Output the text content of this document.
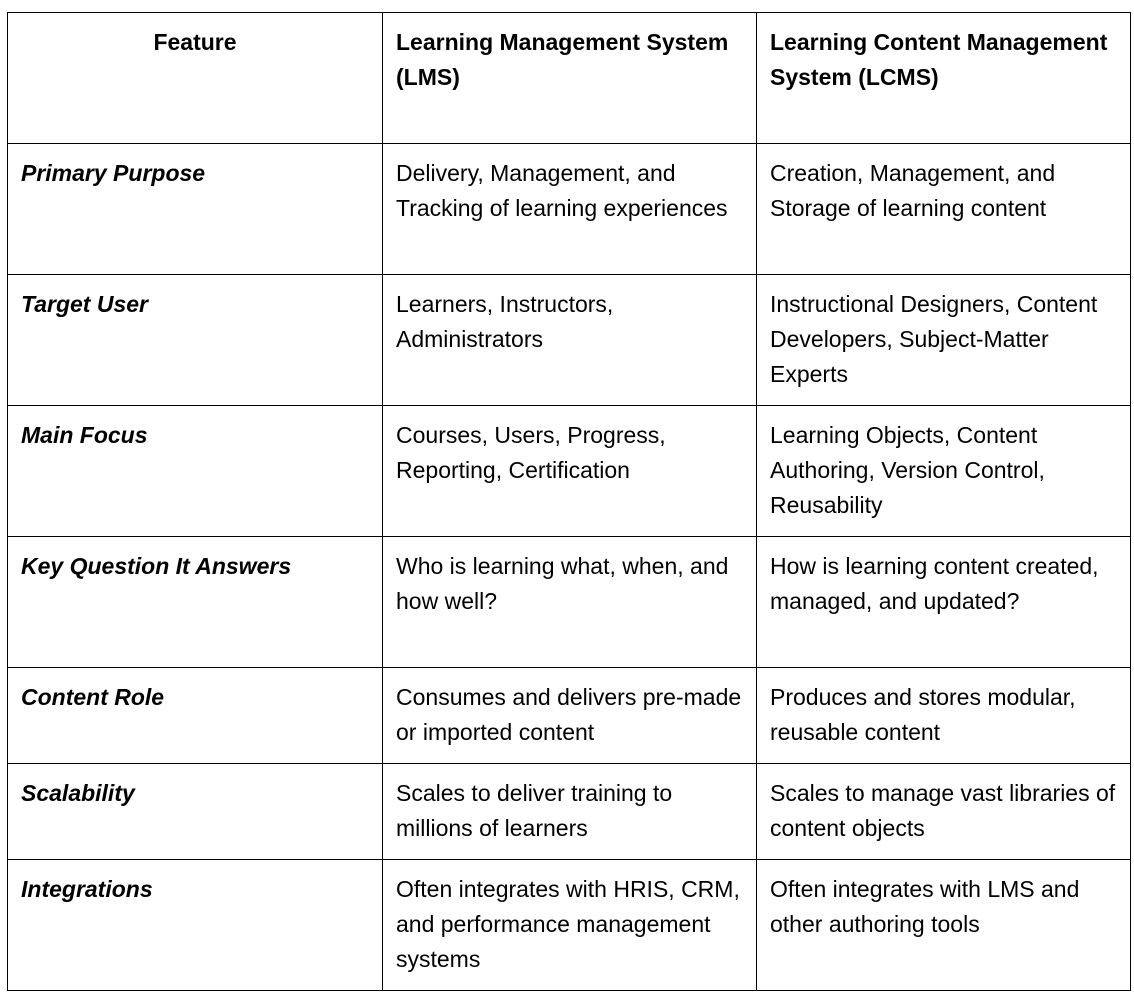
Feature	Learning Management System (LMS)	Learning Content Management System (LCMS)
Primary Purpose	Delivery, Management, and Tracking of learning experiences	Creation, Management, and Storage of learning content
Target User	Learners, Instructors, Administrators	Instructional Designers, Content Developers, Subject-Matter Experts
Main Focus	Courses, Users, Progress, Reporting, Certification	Learning Objects, Content Authoring, Version Control, Reusability
Key Question It Answers	Who is learning what, when, and how well?	How is learning content created, managed, and updated?
Content Role	Consumes and delivers pre-made or imported content	Produces and stores modular, reusable content
Scalability	Scales to deliver training to millions of learners	Scales to manage vast libraries of content objects
Integrations	Often integrates with HRIS, CRM, and performance management systems	Often integrates with LMS and other authoring tools
